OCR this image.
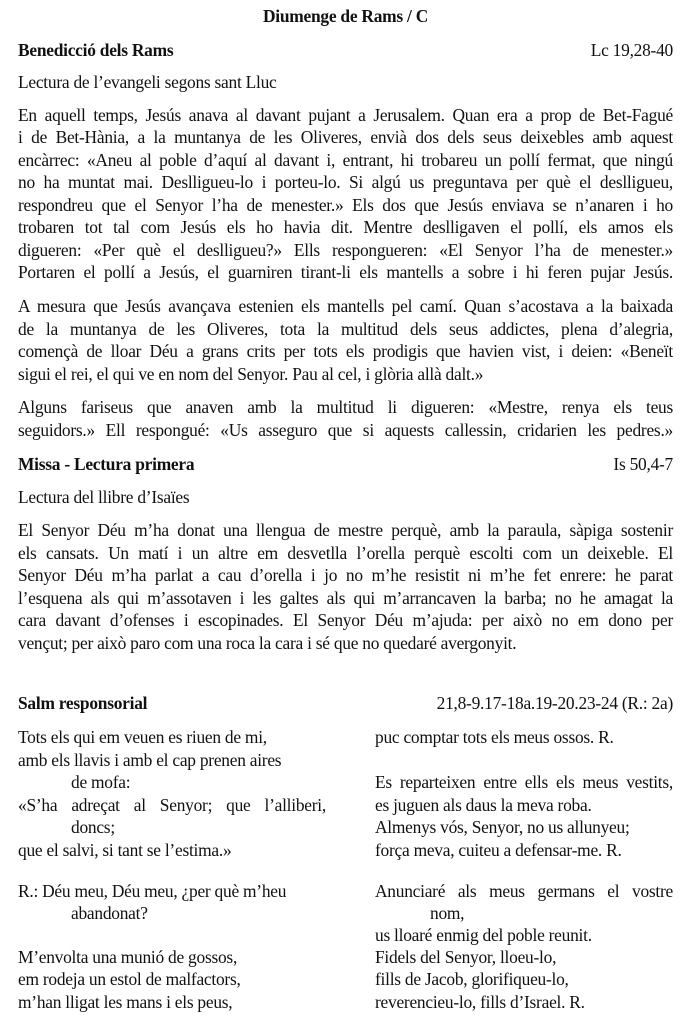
Diumenge de Rams / C
Benedicció dels Rams	Lc 19,28-40
Lectura de l’evangeli segons sant Lluc
En aquell temps, Jesús anava al davant pujant a Jerusalem. Quan era a prop de Bet-Fagué
i de Bet-Hània, a la muntanya de les Oliveres, envià dos dels seus deixebles amb aquest
encàrrec: «Aneu al poble d’aquí al davant i, entrant, hi trobareu un pollí fermat, que ningú
no ha muntat mai. Deslligueu-lo i porteu-lo. Si algú us preguntava per què el deslligueu,
respondreu que el Senyor l’ha de menester.» Els dos que Jesús enviava se n’anaren i ho
trobaren tot tal com Jesús els ho havia dit. Mentre deslligaven el pollí, els amos els
digueren: «Per què el deslligueu?» Ells respongueren: «El Senyor l’ha de menester.»
Portaren el pollí a Jesús, el guarniren tirant-li els mantells a sobre i hi feren pujar Jesús.
A mesura que Jesús avançava estenien els mantells pel camí. Quan s’acostava a la baixada
de la muntanya de les Oliveres, tota la multitud dels seus addictes, plena d’alegria,
començà de lloar Déu a grans crits per tots els prodigis que havien vist, i deien: «Beneït
sigui el rei, el qui ve en nom del Senyor. Pau al cel, i glòria allà dalt.»
Alguns fariseus que anaven amb la multitud li digueren: «Mestre, renya els teus
seguidors.» Ell respongué: «Us asseguro que si aquests callessin, cridarien les pedres.»
Missa - Lectura primera	Is 50,4-7
Lectura del llibre d’Isaïes
El Senyor Déu m’ha donat una llengua de mestre perquè, amb la paraula, sàpiga sostenir
els cansats. Un matí i un altre em desvetlla l’orella perquè escolti com un deixeble. El
Senyor Déu m’ha parlat a cau d’orella i jo no m’he resistit ni m’he fet enrere: he parat
l’esquena als qui m’assotaven i les galtes als qui m’arrancaven la barba; no he amagat la
cara davant d’ofenses i escopinades. El Senyor Déu m’ajuda: per això no em dono per
vençut; per això paro com una roca la cara i sé que no quedaré avergonyit.
Salm responsorial	21,8-9.17-18a.19-20.23-24 (R.: 2a)
Tots els qui em veuen es riuen de mi,
amb els llavis i amb el cap prenen aires
de mofa:
«S’ha adreçat al Senyor; que l’alliberi,
doncs;
que el salvi, si tant se l’estima.»
R.: Déu meu, Déu meu, ¿per què m’heu
abandonat?
M’envolta una munió de gossos,
em rodeja un estol de malfactors,
m’han lligat les mans i els peus,
puc comptar tots els meus ossos. R.
Es reparteixen entre ells els meus vestits,
es juguen als daus la meva roba.
Almenys vós, Senyor, no us allunyeu;
força meva, cuiteu a defensar-me. R.
Anunciaré als meus germans el vostre
nom,
us lloaré enmig del poble reunit.
Fidels del Senyor, lloeu-lo,
fills de Jacob, glorifiqueu-lo,
reverencieu-lo, fills d’Israel. R.
